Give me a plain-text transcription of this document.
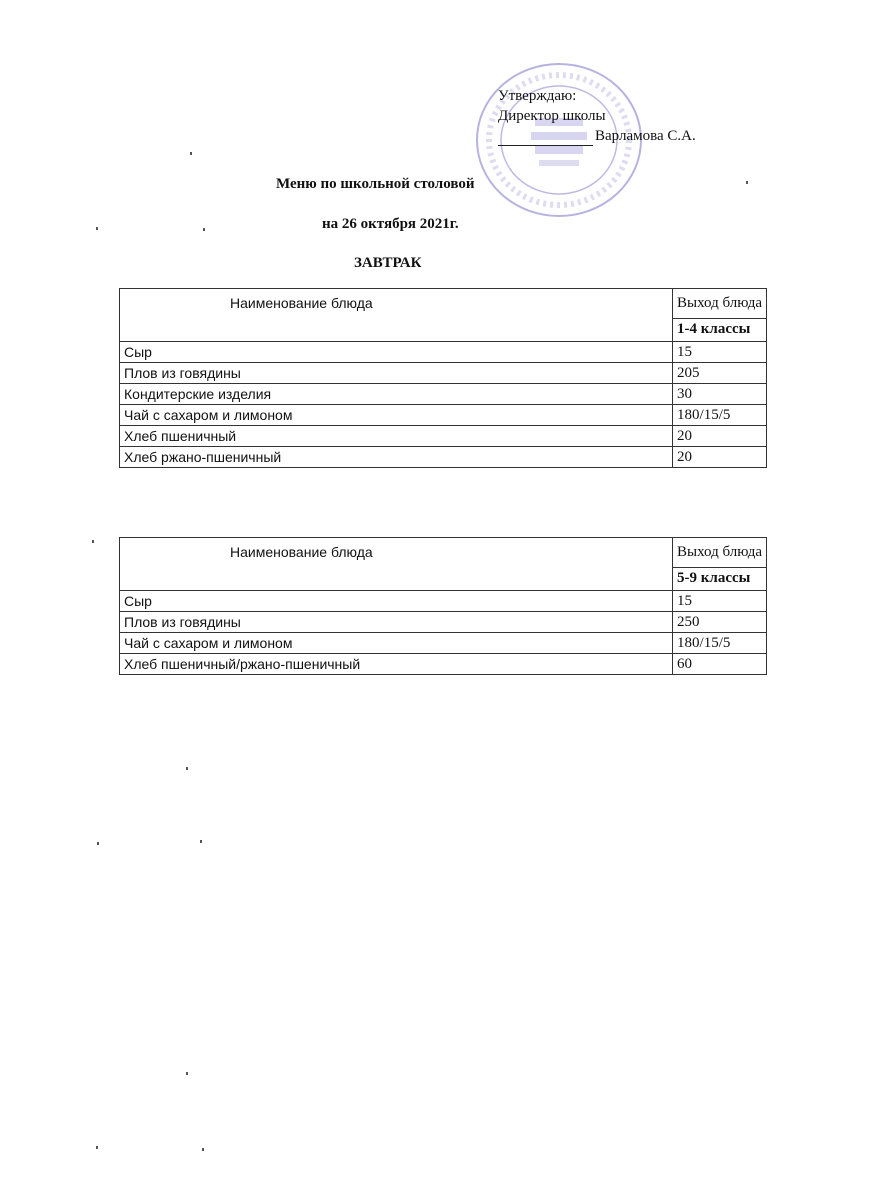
Утверждаю:
Директор школы
Варламова С.А.
Меню по школьной столовой
на 26 октября 2021г.
ЗАВТРАК
Наименование блюда	Выход блюда
	1-4 классы
Сыр	15
Плов из говядины	205
Кондитерские изделия	30
Чай с сахаром и лимоном	180/15/5
Хлеб пшеничный	20
Хлеб ржано-пшеничный	20
Наименование блюда	Выход блюда
	5-9 классы
Сыр	15
Плов из говядины	250
Чай с сахаром и лимоном	180/15/5
Хлеб пшеничный/ржано-пшеничный	60
